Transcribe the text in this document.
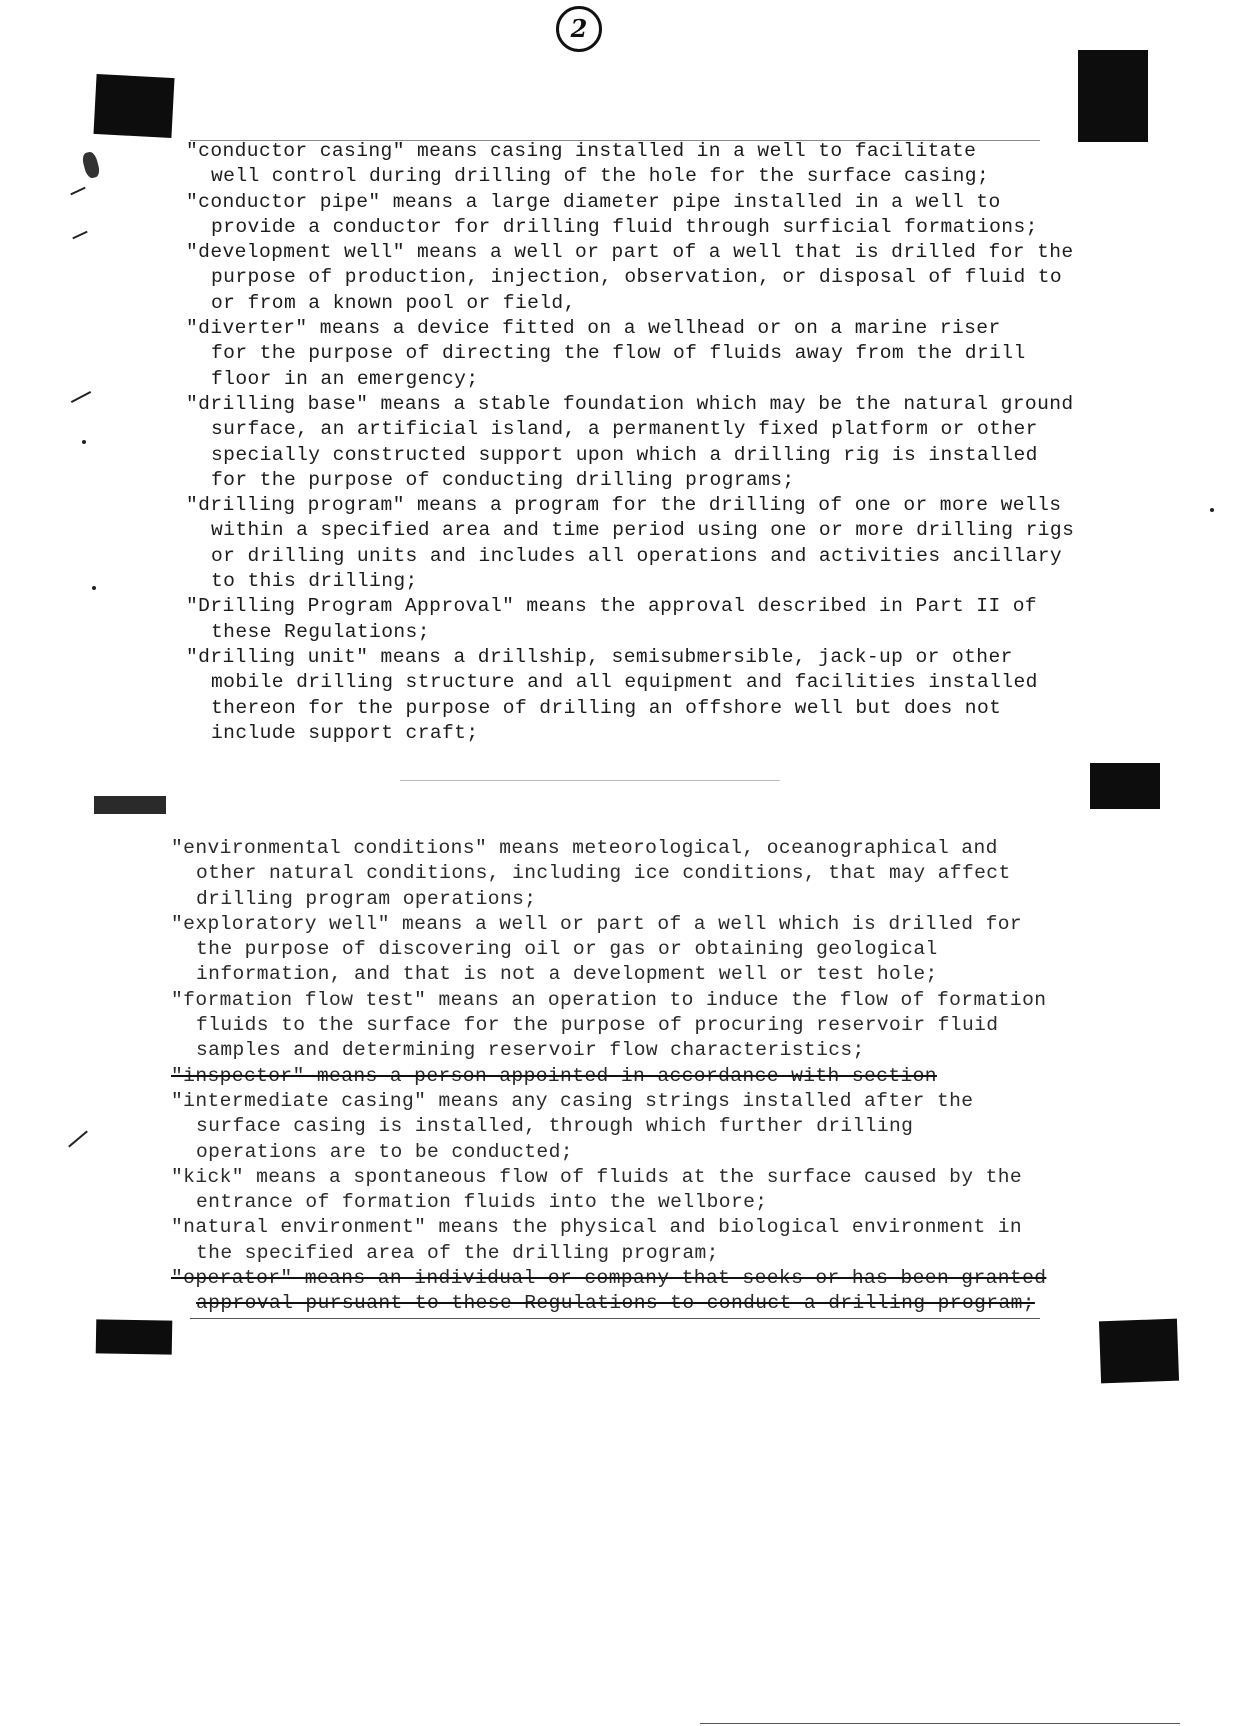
2

"conductor casing" means casing installed in a well to facilitate
well control during drilling of the hole for the surface casing;

"conductor pipe" means a large diameter pipe installed in a well to
provide a conductor for drilling fluid through surficial formations;

"development well" means a well or part of a well that is drilled for the
purpose of production, injection, observation, or disposal of fluid to
or from a known pool or field,

"diverter" means a device fitted on a wellhead or on a marine riser
for the purpose of directing the flow of fluids away from the drill
floor in an emergency;

"drilling base" means a stable foundation which may be the natural ground
surface, an artificial island, a permanently fixed platform or other
specially constructed support upon which a drilling rig is installed
for the purpose of conducting drilling programs;

"drilling program" means a program for the drilling of one or more wells
within a specified area and time period using one or more drilling rigs
or drilling units and includes all operations and activities ancillary
to this drilling;

"Drilling Program Approval" means the approval described in Part II of
these Regulations;

"drilling unit" means a drillship, semisubmersible, jack-up or other
mobile drilling structure and all equipment and facilities installed
thereon for the purpose of drilling an offshore well but does not
include support craft;

"environmental conditions" means meteorological, oceanographical and
other natural conditions, including ice conditions, that may affect
drilling program operations;

"exploratory well" means a well or part of a well which is drilled for
the purpose of discovering oil or gas or obtaining geological
information, and that is not a development well or test hole;

"formation flow test" means an operation to induce the flow of formation
fluids to the surface for the purpose of procuring reservoir fluid
samples and determining reservoir flow characteristics;

"inspector" means a person appointed in accordance with section

"intermediate casing" means any casing strings installed after the
surface casing is installed, through which further drilling
operations are to be conducted;

"kick" means a spontaneous flow of fluids at the surface caused by the
entrance of formation fluids into the wellbore;

"natural environment" means the physical and biological environment in
the specified area of the drilling program;

"operator" means an individual or company that seeks or has been granted
approval pursuant to these Regulations to conduct a drilling program;
